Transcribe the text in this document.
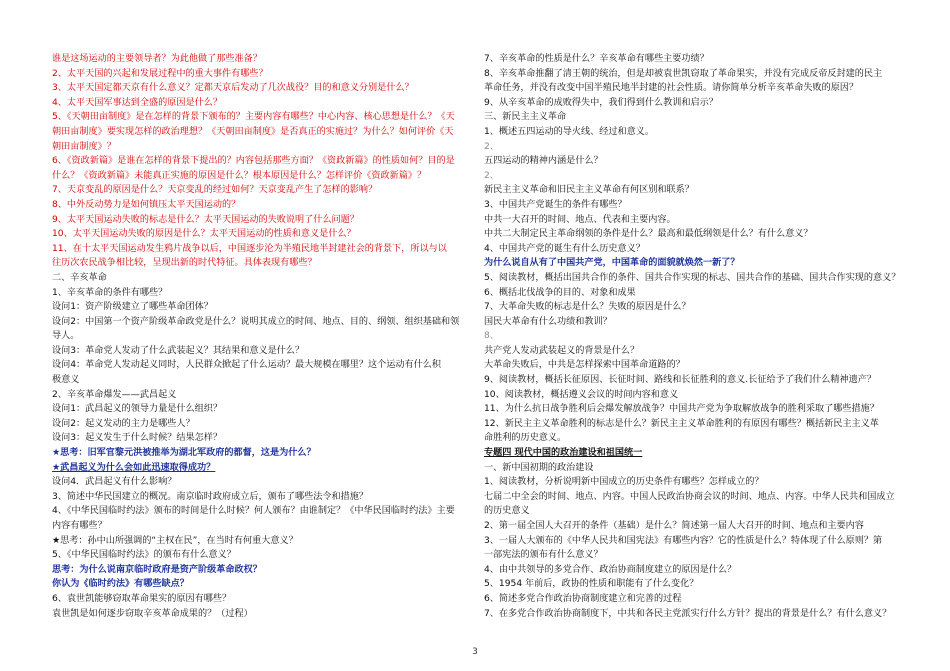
谁是这场运动的主要领导者？为此他做了那些准备？
2、太平天国的兴起和发展过程中的重大事件有哪些？
3、太平天国定都天京有什么意义？定都天京后发动了几次战役？目的和意义分别是什么？
4、太平天国军事达到全盛的原因是什么？
5、《天朝田亩制度》是在怎样的背景下颁布的？主要内容有哪些？中心内容、核心思想是什么？《天
朝田亩制度》要实现怎样的政治理想？《天朝田亩制度》是否真正的实施过？为什么？如何评价《天
朝田亩制度》？
6、《资政新篇》是谁在怎样的背景下提出的？内容包括那些方面？《资政新篇》的性质如何？目的是
什么？《资政新篇》未能真正实施的原因是什么？根本原因是什么？怎样评价《资政新篇》？
7、天京变乱的原因是什么？天京变乱的经过如何？天京变乱产生了怎样的影响？
8、中外反动势力是如何镇压太平天国运动的？
9、太平天国运动失败的标志是什么？太平天国运动的失败说明了什么问题？
10、太平天国运动失败的原因是什么？太平天国运动的性质和意义是什么？
11、在十太平天国运动发生鸦片战争以后，中国逐步沦为半殖民地半封建社会的背景下，所以与以
往历次农民战争相比较，呈现出新的时代特征。具体表现有哪些？
二、辛亥革命
1、辛亥革命的条件有哪些？
设问1：资产阶级建立了哪些革命团体？
设问2：中国第一个资产阶级革命政党是什么？说明其成立的时间、地点、目的、纲领、组织基础和领
导人。
设问3：革命党人发动了什么武装起义？其结果和意义是什么？
设问4：革命党人发动起义同时，人民群众掀起了什么运动？最大规模在哪里？这个运动有什么积
极意义
2、辛亥革命爆发——武昌起义
设问1：武昌起义的领导力量是什么组织？
设问2：起义发动的主力是哪些人？
设问3：起义发生于什么时候？结果怎样？
★思考：旧军官黎元洪被推举为湖北军政府的都督，这是为什么？
★武昌起义为什么会如此迅速取得成功？
设问4．武昌起义有什么影响？
3、简述中华民国建立的概况。南京临时政府成立后，颁布了哪些法令和措施？
4、《中华民国临时约法》颁布的时间是什么时候？何人颁布？由谁制定？《中华民国临时约法》主要
内容有哪些？
★思考：孙中山所强调的“主权在民”，在当时有何重大意义？
5、《中华民国临时约法》的颁布有什么意义？
思考：为什么说南京临时政府是资产阶级革命政权？
你认为《临时约法》有哪些缺点？
6、袁世凯能够窃取革命果实的原因有哪些？
袁世凯是如何逐步窃取辛亥革命成果的？（过程）
7、辛亥革命的性质是什么？辛亥革命有哪些主要功绩？
8、辛亥革命推翻了清王朝的统治，但是却被袁世凯窃取了革命果实，并没有完成反帝反封建的民主
革命任务，并没有改变中国半殖民地半封建的社会性质。请你简单分析辛亥革命失败的原因？
9、从辛亥革命的成败得失中，我们得到什么教训和启示？
三、新民主主义革命
1、概述五四运动的导火线、经过和意义。
2、
五四运动的精神内涵是什么？
2、
新民主主义革命和旧民主主义革命有何区别和联系？
3、中国共产党诞生的条件有哪些？
中共一大召开的时间、地点、代表和主要内容。
中共二大制定民主革命纲领的条件是什么？最高和最低纲领是什么？有什么意义？
4、中国共产党的诞生有什么历史意义？
为什么说自从有了中国共产党，中国革命的面貌就焕然一新了？
5、阅读教材，概括出国共合作的条件、国共合作实现的标志、国共合作的基础、国共合作实现的意义？
6、概括北伐战争的目的、对象和成果
7、大革命失败的标志是什么？失败的原因是什么？
国民大革命有什么功绩和教训？
8、
共产党人发动武装起义的背景是什么？
大革命失败后，中共是怎样探索中国革命道路的？
9、阅读教材，概括长征原因、长征时间、路线和长征胜利的意义.长征给予了我们什么精神遗产？
10、阅读教材，概括遵义会议的时间内容和意义
11、为什么抗日战争胜利后会爆发解放战争？中国共产党为争取解放战争的胜利采取了哪些措施？
12、新民主主义革命胜利的标志是什么？新民主主义革命胜利的有原因有哪些？概括新民主主义革
命胜利的历史意义。
专题四 现代中国的政治建设和祖国统一
一、新中国初期的政治建设
1、阅读教材，分析说明新中国成立的历史条件有哪些？怎样成立的？
七届二中全会的时间、地点、内容。中国人民政治协商会议的时间、地点、内容。中华人民共和国成立
的历史意义
2、第一届全国人大召开的条件（基础）是什么？简述第一届人大召开的时间、地点和主要内容
3、一届人大颁布的《中华人民共和国宪法》有哪些内容？它的性质是什么？特体现了什么原则？第
一部宪法的颁布有什么意义？
4、由中共领导的多党合作、政治协商制度建立的原因是什么？
5、1954 年前后，政协的性质和职能有了什么变化？
6、简述多党合作政治协商制度建立和完善的过程
7、在多党合作政治协商制度下，中共和各民主党派实行什么方针？提出的背景是什么？有什么意义？
3
